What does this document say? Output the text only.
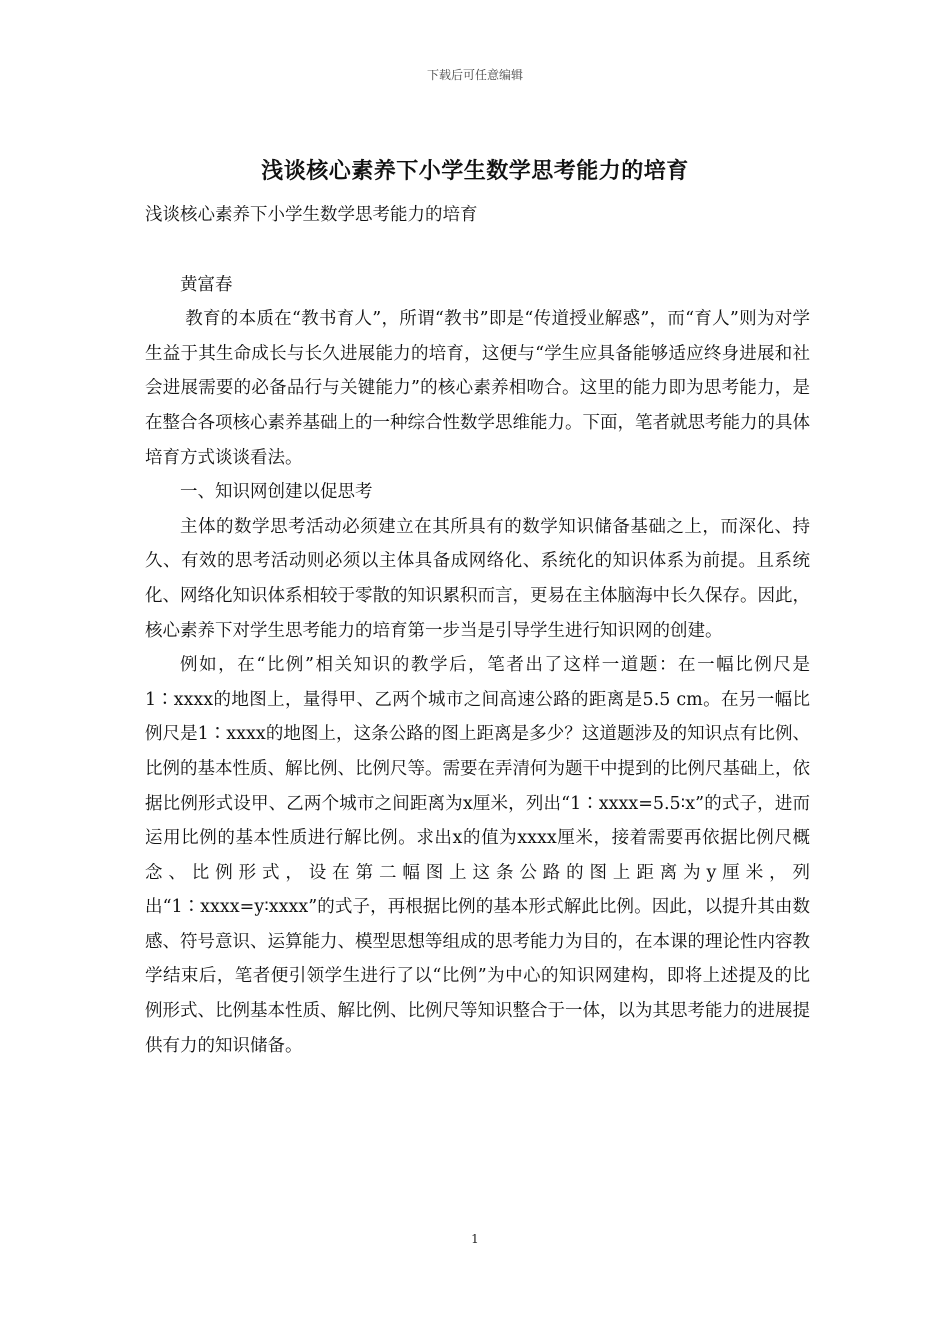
下载后可任意编辑
浅谈核心素养下小学生数学思考能力的培育

浅谈核心素养下小学生数学思考能力的培育

黄富春

教育的本质在“教书育人”，所谓“教书”即是“传道授业解惑”，而“育人”则为对学生益于其生命成长与长久进展能力的培育，这便与“学生应具备能够适应终身进展和社会进展需要的必备品行与关键能力”的核心素养相吻合。这里的能力即为思考能力，是在整合各项核心素养基础上的一种综合性数学思维能力。下面，笔者就思考能力的具体培育方式谈谈看法。

一、知识网创建以促思考

主体的数学思考活动必须建立在其所具有的数学知识储备基础之上，而深化、持久、有效的思考活动则必须以主体具备成网络化、系统化的知识体系为前提。且系统化、网络化知识体系相较于零散的知识累积而言，更易在主体脑海中长久保存。因此，核心素养下对学生思考能力的培育第一步当是引导学生进行知识网的创建。

例如，在“比例”相关知识的教学后，笔者出了这样一道题：在一幅比例尺是1∶xxxx的地图上，量得甲、乙两个城市之间高速公路的距离是5.5 cm。在另一幅比例尺是1∶xxxx的地图上，这条公路的图上距离是多少？这道题涉及的知识点有比例、比例的基本性质、解比例、比例尺等。需要在弄清何为题干中提到的比例尺基础上，依据比例形式设甲、乙两个城市之间距离为x厘米，列出“1∶xxxx=5.5∶x”的式子，进而运用比例的基本性质进行解比例。求出x的值为xxxx厘米，接着需要再依据比例尺概念、比例形式，设在第二幅图上这条公路的图上距离为y厘米，列出“1∶xxxx=y∶xxxx”的式子，再根据比例的基本形式解此比例。因此，以提升其由数感、符号意识、运算能力、模型思想等组成的思考能力为目的，在本课的理论性内容教学结束后，笔者便引领学生进行了以“比例”为中心的知识网建构，即将上述提及的比例形式、比例基本性质、解比例、比例尺等知识整合于一体，以为其思考能力的进展提供有力的知识储备。

1
